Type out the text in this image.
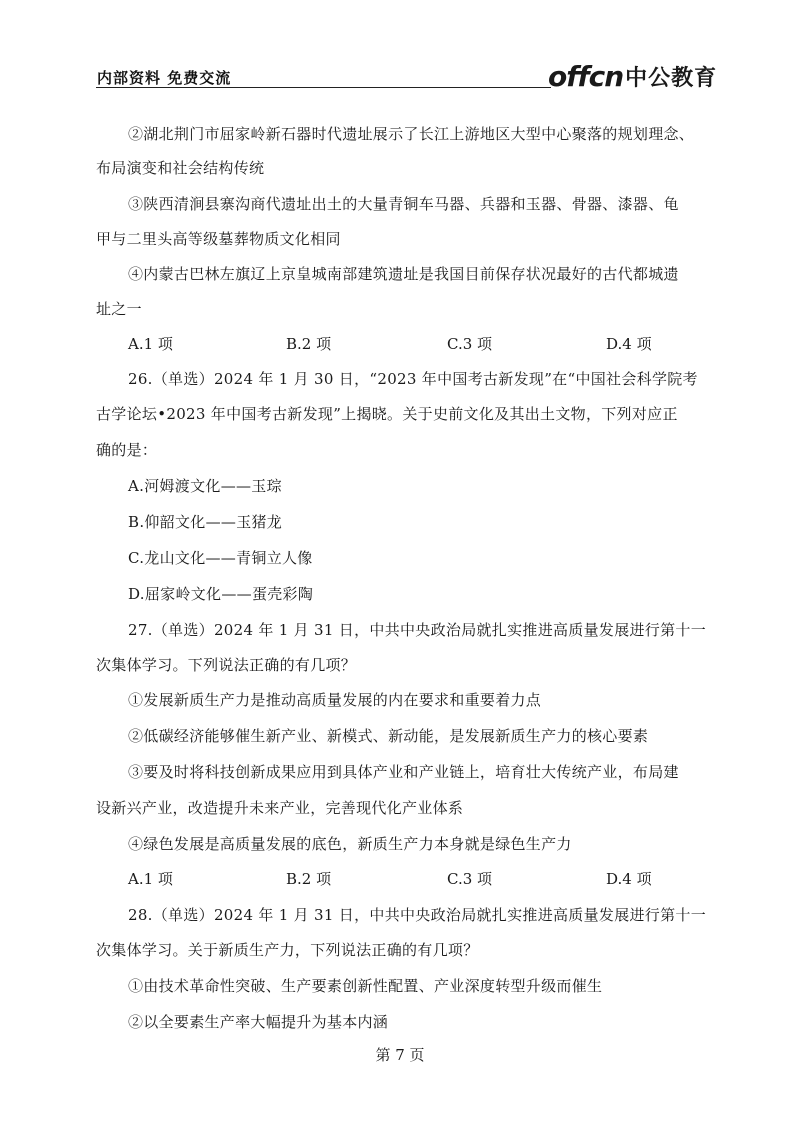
内部资料 免费交流	offcn中公教育
②湖北荆门市屈家岭新石器时代遗址展示了长江上游地区大型中心聚落的规划理念、
布局演变和社会结构传统
③陕西清涧县寨沟商代遗址出土的大量青铜车马器、兵器和玉器、骨器、漆器、龟
甲与二里头高等级墓葬物质文化相同
④内蒙古巴林左旗辽上京皇城南部建筑遗址是我国目前保存状况最好的古代都城遗
址之一
A.1 项	B.2 项	C.3 项	D.4 项
26.（单选）2024 年 1 月 30 日，“2023 年中国考古新发现”在“中国社会科学院考
古学论坛•2023 年中国考古新发现”上揭晓。关于史前文化及其出土文物，下列对应正
确的是：
A.河姆渡文化——玉琮
B.仰韶文化——玉猪龙
C.龙山文化——青铜立人像
D.屈家岭文化——蛋壳彩陶
27.（单选）2024 年 1 月 31 日，中共中央政治局就扎实推进高质量发展进行第十一
次集体学习。下列说法正确的有几项？
①发展新质生产力是推动高质量发展的内在要求和重要着力点
②低碳经济能够催生新产业、新模式、新动能，是发展新质生产力的核心要素
③要及时将科技创新成果应用到具体产业和产业链上，培育壮大传统产业，布局建
设新兴产业，改造提升未来产业，完善现代化产业体系
④绿色发展是高质量发展的底色，新质生产力本身就是绿色生产力
A.1 项	B.2 项	C.3 项	D.4 项
28.（单选）2024 年 1 月 31 日，中共中央政治局就扎实推进高质量发展进行第十一
次集体学习。关于新质生产力，下列说法正确的有几项？
①由技术革命性突破、生产要素创新性配置、产业深度转型升级而催生
②以全要素生产率大幅提升为基本内涵
第 7 页
